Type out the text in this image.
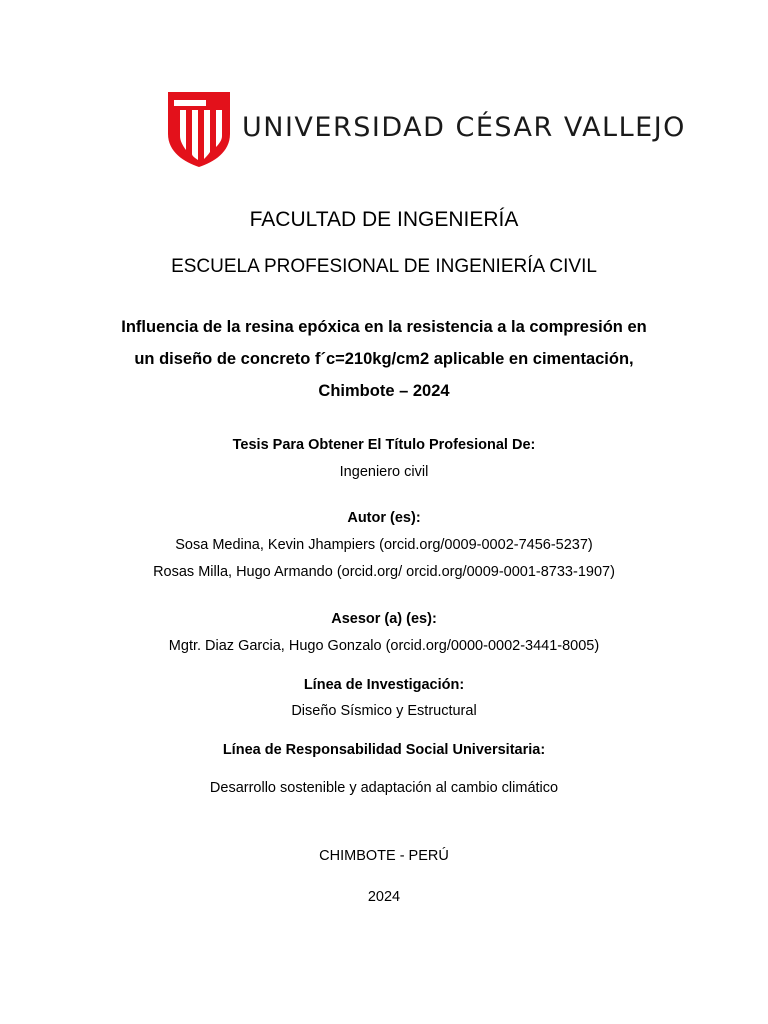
UNIVERSIDAD CÉSAR VALLEJO
FACULTAD DE INGENIERÍA
ESCUELA PROFESIONAL DE INGENIERÍA CIVIL
Influencia de la resina epóxica en la resistencia a la compresión en
un diseño de concreto f´c=210kg/cm2 aplicable en cimentación,
Chimbote – 2024
Tesis Para Obtener El Título Profesional De:
Ingeniero civil
Autor (es):
Sosa Medina, Kevin Jhampiers (orcid.org/0009-0002-7456-5237)
Rosas Milla, Hugo Armando (orcid.org/ orcid.org/0009-0001-8733-1907)
Asesor (a) (es):
Mgtr. Diaz Garcia, Hugo Gonzalo (orcid.org/0000-0002-3441-8005)
Línea de Investigación:
Diseño Sísmico y Estructural
Línea de Responsabilidad Social Universitaria:
Desarrollo sostenible y adaptación al cambio climático
CHIMBOTE - PERÚ
2024
